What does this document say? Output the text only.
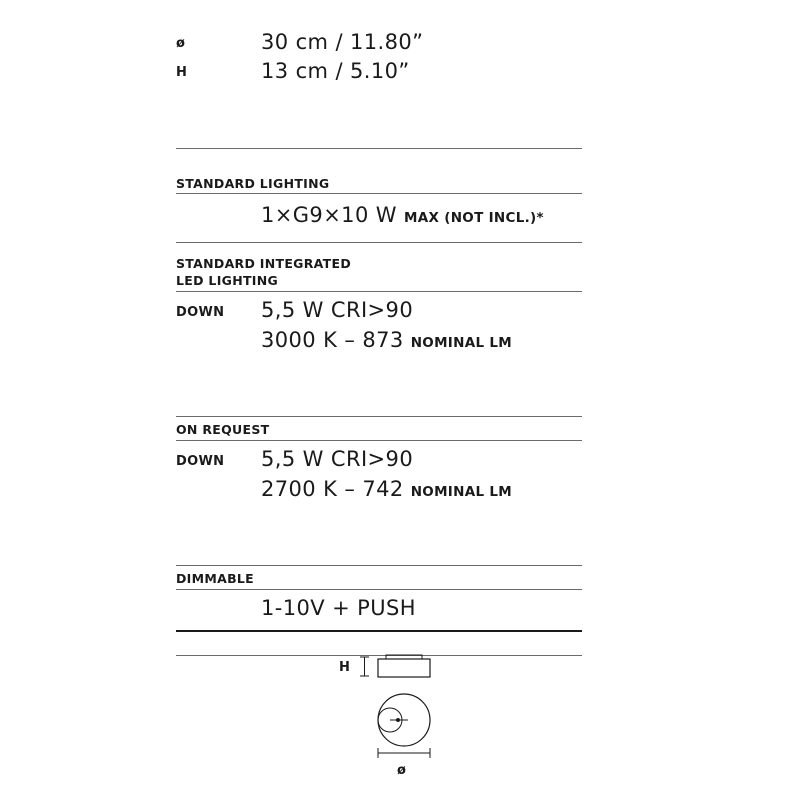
ø	30 cm / 11.80”
H	13 cm / 5.10”
STANDARD LIGHTING
1×G9×10 W MAX (NOT INCL.)*
STANDARD INTEGRATED
LED LIGHTING
DOWN 5,5 W CRI>90
3000 K – 873 NOMINAL LM
ON REQUEST
DOWN 5,5 W CRI>90
2700 K – 742 NOMINAL LM
DIMMABLE
1-10V + PUSH
H
ø
